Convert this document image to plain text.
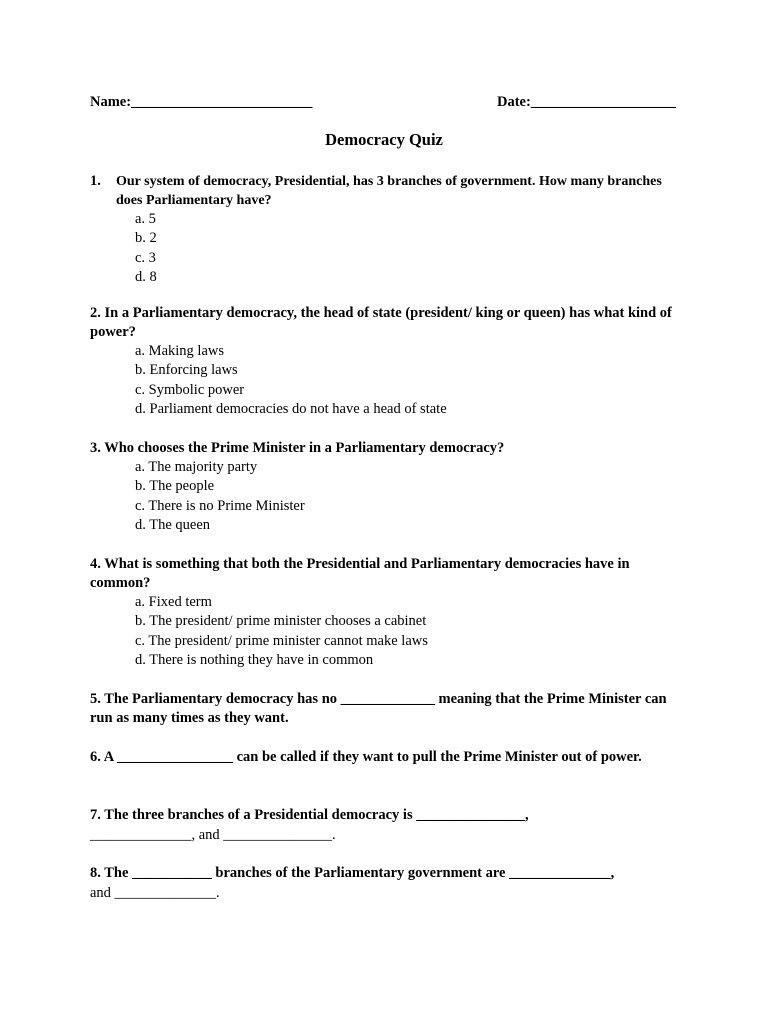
Name:_________________________	Date:____________________
Democracy Quiz
1.	Our system of democracy, Presidential, has 3 branches of government. How many branches does Parliamentary have?
a. 5
b. 2
c. 3
d. 8
2. In a Parliamentary democracy, the head of state (president/ king or queen) has what kind of power?
a. Making laws
b. Enforcing laws
c. Symbolic power
d. Parliament democracies do not have a head of state
3. Who chooses the Prime Minister in a Parliamentary democracy?
a. The majority party
b. The people
c. There is no Prime Minister
d. The queen
4. What is something that both the Presidential and Parliamentary democracies have in common?
a. Fixed term
b. The president/ prime minister chooses a cabinet
c. The president/ prime minister cannot make laws
d. There is nothing they have in common
5. The Parliamentary democracy has no _____________ meaning that the Prime Minister can run as many times as they want.
6. A ________________ can be called if they want to pull the Prime Minister out of power.
7. The three branches of a Presidential democracy is _______________,
______________, and _______________.
8. The ___________ branches of the Parliamentary government are ______________,
and ______________.
